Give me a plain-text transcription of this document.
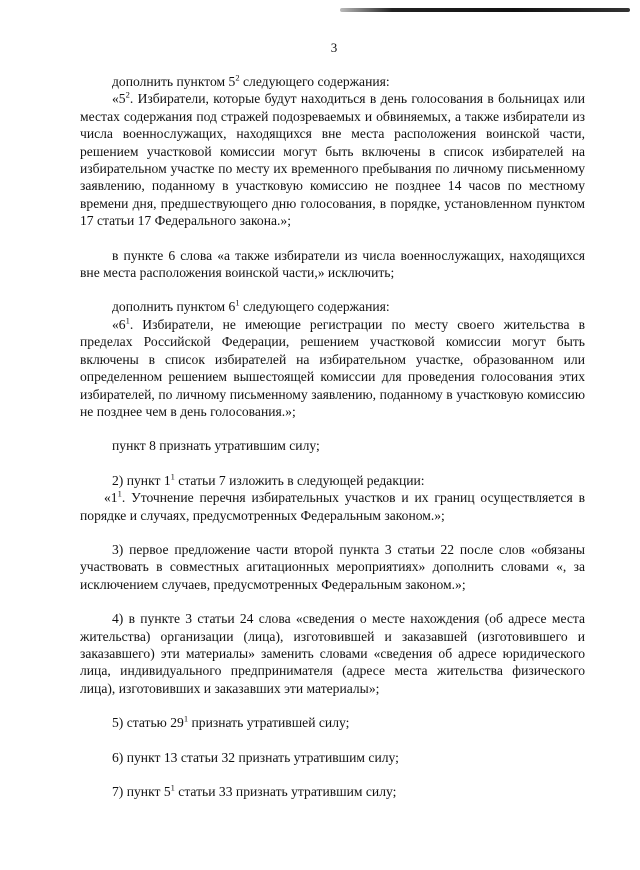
3

дополнить пунктом $5^2$ следующего содержания:

«$5^2$. Избиратели, которые будут находиться в день голосования в больницах или местах содержания под стражей подозреваемых и обвиняемых, а также избиратели из числа военнослужащих, находящихся вне места расположения воинской части, решением участковой комиссии могут быть включены в список избирателей на избирательном участке по месту их временного пребывания по личному письменному заявлению, поданному в участковую комиссию не позднее 14 часов по местному времени дня, предшествующего дню голосования, в порядке, установленном пунктом 17 статьи 17 Федерального закона.»;

в пункте 6 слова «а также избиратели из числа военнослужащих, находящихся вне места расположения воинской части,» исключить;

дополнить пунктом $6^1$ следующего содержания:

«$6^1$. Избиратели, не имеющие регистрации по месту своего жительства в пределах Российской Федерации, решением участковой комиссии могут быть включены в список избирателей на избирательном участке, образованном или определенном решением вышестоящей комиссии для проведения голосования этих избирателей, по личному письменному заявлению, поданному в участковую комиссию не позднее чем в день голосования.»;

пункт 8 признать утратившим силу;

2) пункт $1^1$ статьи 7 изложить в следующей редакции:

«$1^1$. Уточнение перечня избирательных участков и их границ осуществляется в порядке и случаях, предусмотренных Федеральным законом.»;

3) первое предложение части второй пункта 3 статьи 22 после слов «обязаны участвовать в совместных агитационных мероприятиях» дополнить словами «, за исключением случаев, предусмотренных Федеральным законом.»;

4) в пункте 3 статьи 24 слова «сведения о месте нахождения (об адресе места жительства) организации (лица), изготовившей и заказавшей (изготовившего и заказавшего) эти материалы» заменить словами «сведения об адресе юридического лица, индивидуального предпринимателя (адресе места жительства физического лица), изготовивших и заказавших эти материалы»;

5) статью $29^1$ признать утратившей силу;

6) пункт 13 статьи 32 признать утратившим силу;

7) пункт $5^1$ статьи 33 признать утратившим силу;
